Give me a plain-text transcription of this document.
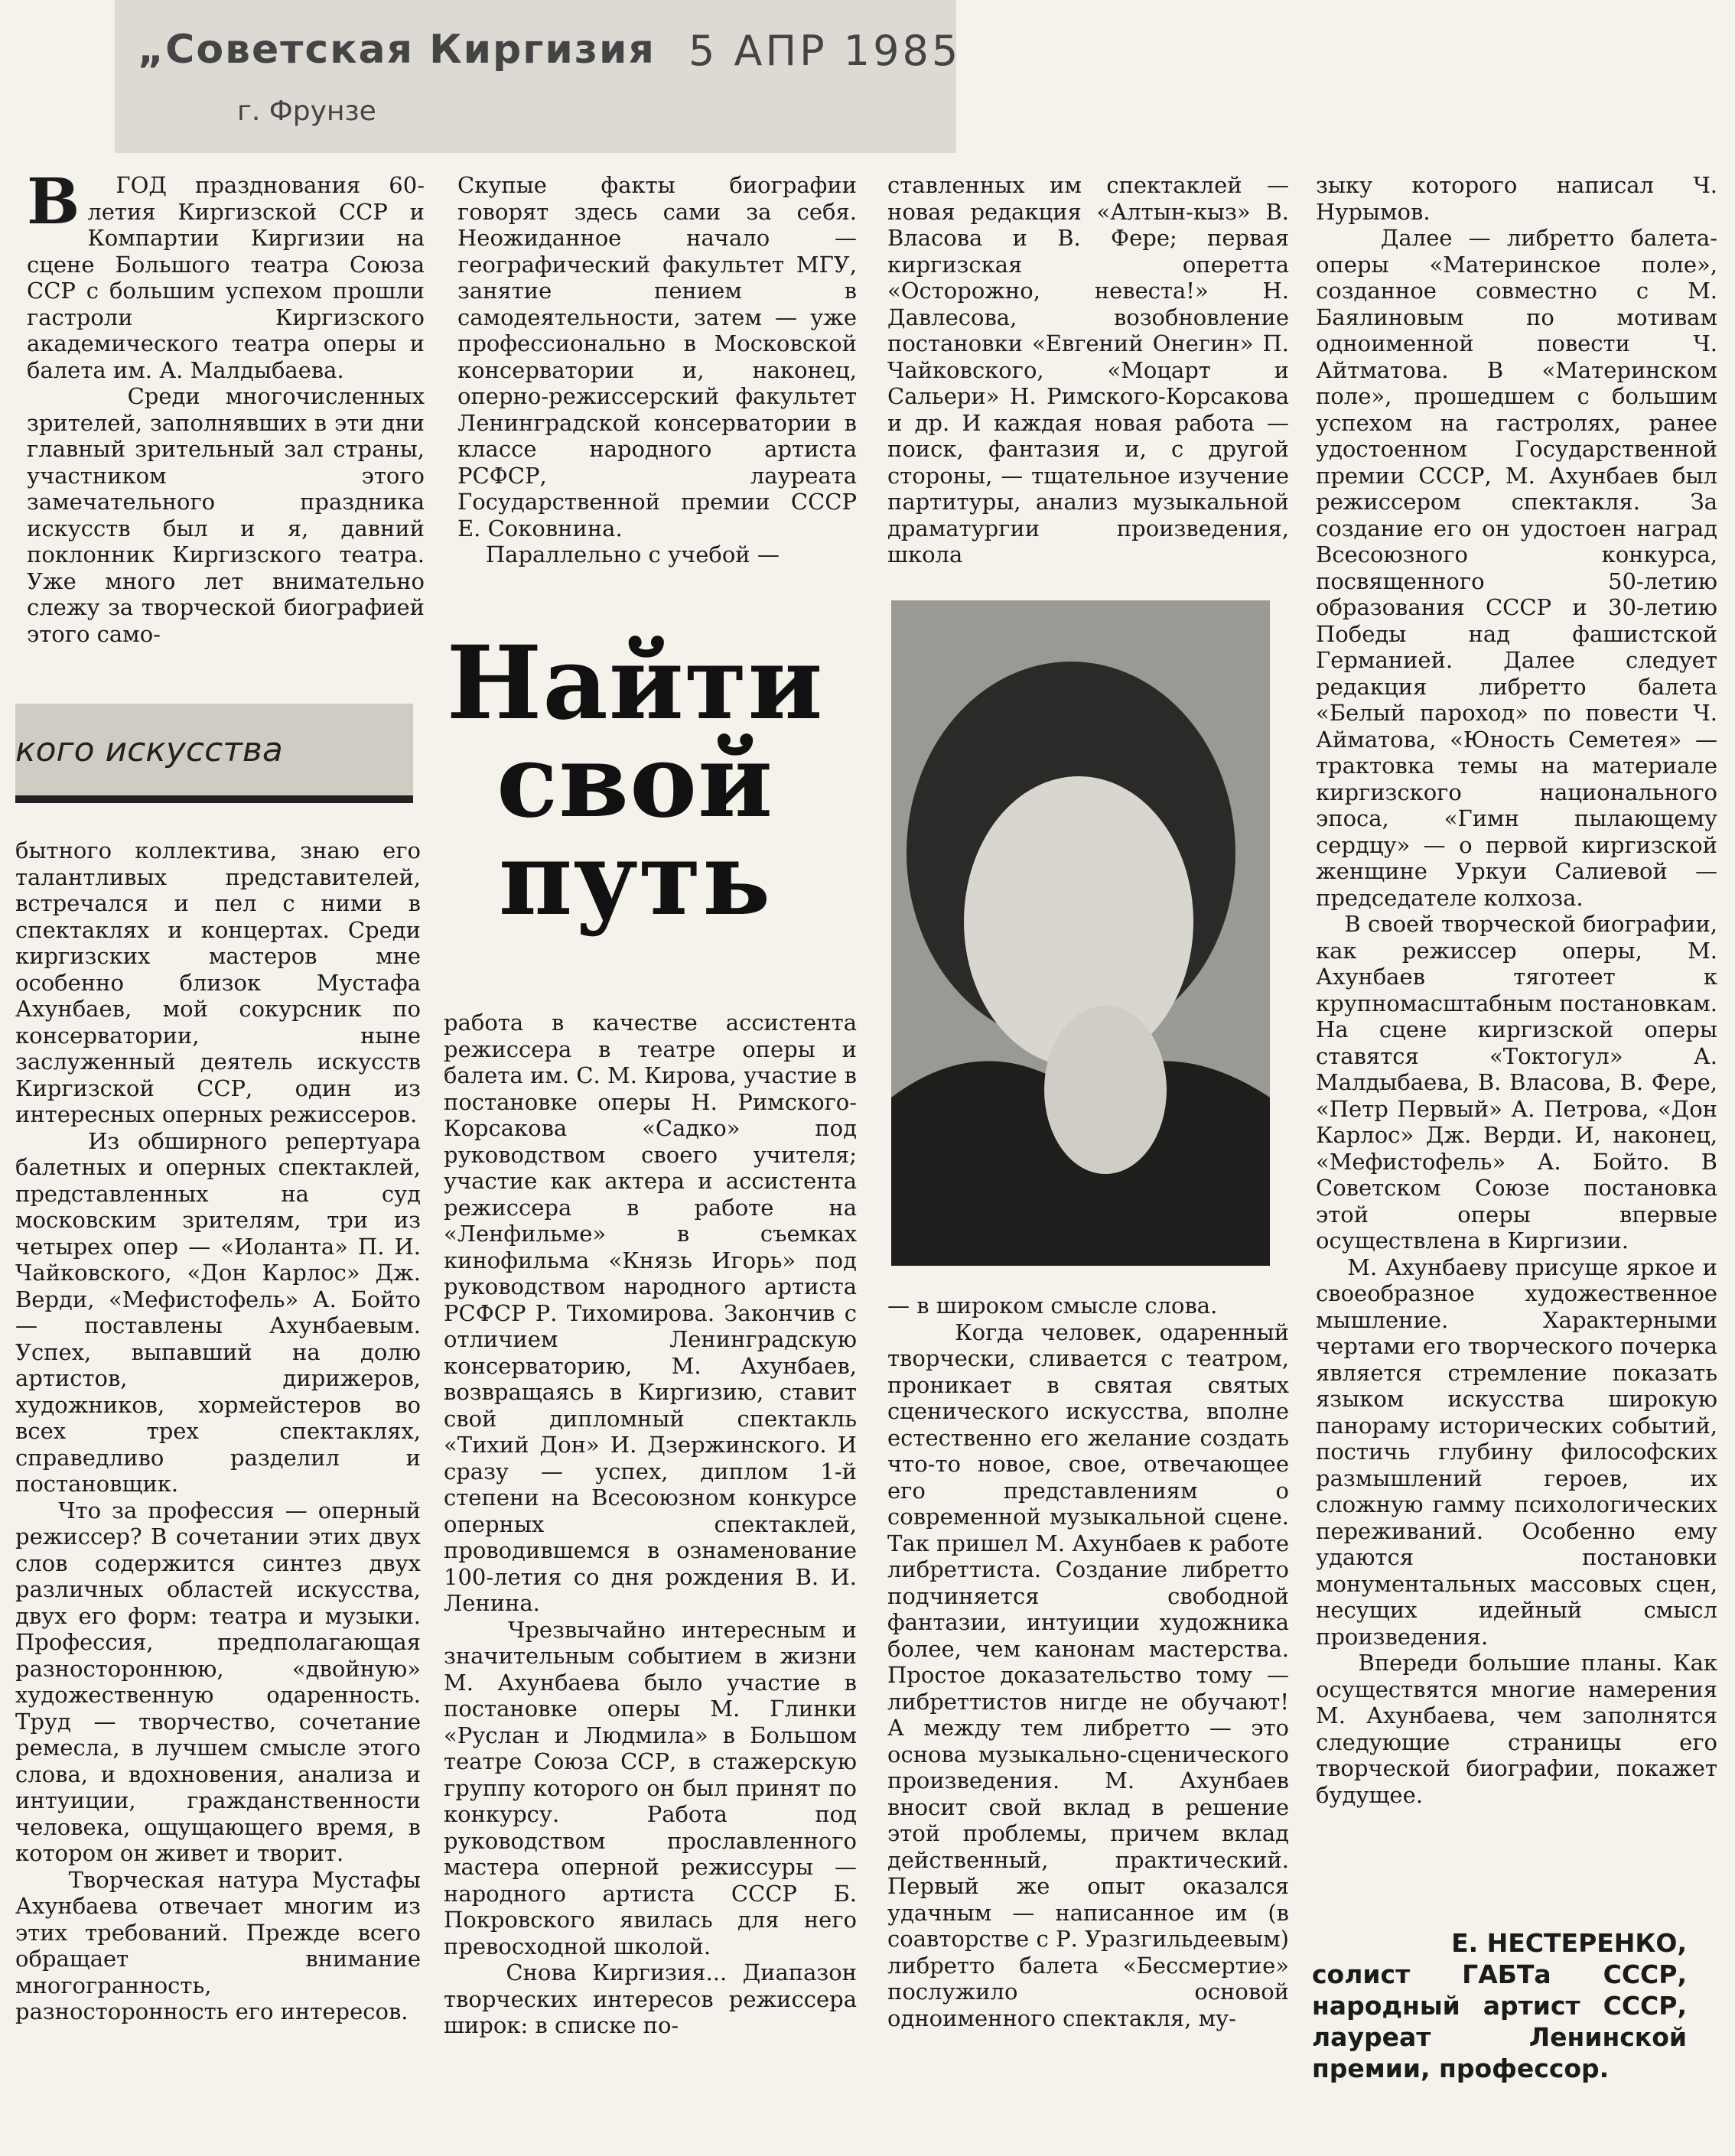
„Советская Киргизия 5 АПР 1985
г. Фрунзе
В ГОД празднования 60-летия Киргизской ССР и Компартии Киргизии на сцене Большого театра Союза ССР с большим успехом прошли гастроли Киргизского академического театра оперы и балета им. А. Малдыбаева.
Среди многочисленных зрителей, заполнявших в эти дни главный зрительный зал страны, участником этого замечательного праздника искусств был и я, давний поклонник Киргизского театра. Уже много лет внимательно слежу за творческой биографией этого само-
кого искусства
бытного коллектива, знаю его талантливых представителей, встречался и пел с ними в спектаклях и концертах. Среди киргизских мастеров мне особенно близок Мустафа Ахунбаев, мой сокурсник по консерватории, ныне заслуженный деятель искусств Киргизской ССР, один из интересных оперных режиссеров.
Из обширного репертуара балетных и оперных спектаклей, представленных на суд московским зрителям, три из четырех опер — «Иоланта» П. И. Чайковского, «Дон Карлос» Дж. Верди, «Мефистофель» А. Бойто — поставлены Ахунбаевым. Успех, выпавший на долю артистов, дирижеров, художников, хормейстеров во всех трех спектаклях, справедливо разделил и постановщик.
Что за профессия — оперный режиссер? В сочетании этих двух слов содержится синтез двух различных областей искусства, двух его форм: театра и музыки. Профессия, предполагающая разностороннюю, «двойную» художественную одаренность. Труд — творчество, сочетание ремесла, в лучшем смысле этого слова, и вдохновения, анализа и интуиции, гражданственности человека, ощущающего время, в котором он живет и творит.
Творческая натура Мустафы Ахунбаева отвечает многим из этих требований. Прежде всего обращает внимание многогранность, разносторонность его интересов.
Скупые факты биографии говорят здесь сами за себя. Неожиданное начало — географический факультет МГУ, занятие пением в самодеятельности, затем — уже профессионально в Московской консерватории и, наконец, оперно-режиссерский факультет Ленинградской консерватории в классе народного артиста РСФСР, лауреата Государственной премии СССР Е. Соковнина.
Параллельно с учебой —
Найти свой путь
работа в качестве ассистента режиссера в театре оперы и балета им. С. М. Кирова, участие в постановке оперы Н. Римского-Корсакова «Садко» под руководством своего учителя; участие как актера и ассистента режиссера в работе на «Ленфильме» в съемках кинофильма «Князь Игорь» под руководством народного артиста РСФСР Р. Тихомирова. Закончив с отличием Ленинградскую консерваторию, М. Ахунбаев, возвращаясь в Киргизию, ставит свой дипломный спектакль «Тихий Дон» И. Дзержинского. И сразу — успех, диплом 1-й степени на Всесоюзном конкурсе оперных спектаклей, проводившемся в ознаменование 100-летия со дня рождения В. И. Ленина.
Чрезвычайно интересным и значительным событием в жизни М. Ахунбаева было участие в постановке оперы М. Глинки «Руслан и Людмила» в Большом театре Союза ССР, в стажерскую группу которого он был принят по конкурсу. Работа под руководством прославленного мастера оперной режиссуры — народного артиста СССР Б. Покровского явилась для него превосходной школой.
Снова Киргизия... Диапазон творческих интересов режиссера широк: в списке по-
ставленных им спектаклей — новая редакция «Алтын-кыз» В. Власова и В. Фере; первая киргизская оперетта «Осторожно, невеста!» Н. Давлесова, возобновление постановки «Евгений Онегин» П. Чайковского, «Моцарт и Сальери» Н. Римского-Корсакова и др. И каждая новая работа — поиск, фантазия и, с другой стороны, — тщательное изучение партитуры, анализ музыкальной драматургии произведения, школа
— в широком смысле слова.
Когда человек, одаренный творчески, сливается с театром, проникает в святая святых сценического искусства, вполне естественно его желание создать что-то новое, свое, отвечающее его представлениям о современной музыкальной сцене. Так пришел М. Ахунбаев к работе либреттиста. Создание либретто подчиняется свободной фантазии, интуиции художника более, чем канонам мастерства. Простое доказательство тому — либреттистов нигде не обучают! А между тем либретто — это основа музыкально-сценического произведения. М. Ахунбаев вносит свой вклад в решение этой проблемы, причем вклад действенный, практический. Первый же опыт оказался удачным — написанное им (в соавторстве с Р. Уразгильдеевым) либретто балета «Бессмертие» послужило основой одноименного спектакля, му-
зыку которого написал Ч. Нурымов.
Далее — либретто балета-оперы «Материнское поле», созданное совместно с М. Баялиновым по мотивам одноименной повести Ч. Айтматова. В «Материнском поле», прошедшем с большим успехом на гастролях, ранее удостоенном Государственной премии СССР, М. Ахунбаев был режиссером спектакля. За создание его он удостоен наград Всесоюзного конкурса, посвященного 50-летию образования СССР и 30-летию Победы над фашистской Германией. Далее следует редакция либретто балета «Белый пароход» по повести Ч. Айматова, «Юность Семетея» — трактовка темы на материале киргизского национального эпоса, «Гимн пылающему сердцу» — о первой киргизской женщине Уркуи Салиевой — председателе колхоза.
В своей творческой биографии, как режиссер оперы, М. Ахунбаев тяготеет к крупномасштабным постановкам. На сцене киргизской оперы ставятся «Токтогул» А. Малдыбаева, В. Власова, В. Фере, «Петр Первый» А. Петрова, «Дон Карлос» Дж. Верди. И, наконец, «Мефистофель» А. Бойто. В Советском Союзе постановка этой оперы впервые осуществлена в Киргизии.
М. Ахунбаеву присуще яркое и своеобразное художественное мышление. Характерными чертами его творческого почерка является стремление показать языком искусства широкую панораму исторических событий, постичь глубину философских размышлений героев, их сложную гамму психологических переживаний. Особенно ему удаются постановки монументальных массовых сцен, несущих идейный смысл произведения.
Впереди большие планы. Как осуществятся многие намерения М. Ахунбаева, чем заполнятся следующие страницы его творческой биографии, покажет будущее.
Е. НЕСТЕРЕНКО,
солист ГАБТа СССР, народный артист СССР, лауреат Ленинской премии, профессор.
